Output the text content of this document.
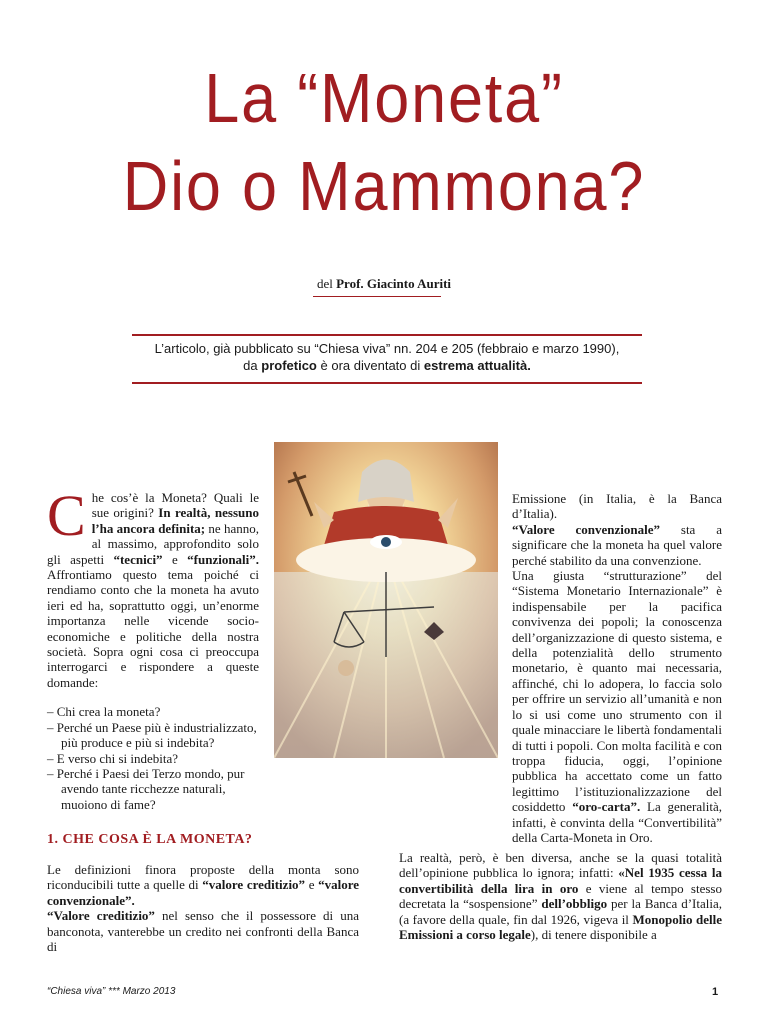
La “Moneta”
Dio o Mammona?
del Prof. Giacinto Auriti
L’articolo, già pubblicato su “Chiesa viva” nn. 204 e 205 (febbraio e marzo 1990),
da profetico è ora diventato di estrema attualità.

Che cos’è la Moneta? Quali le sue origini? In realtà, nessuno l’ha ancora definita; ne hanno, al massimo, approfondito solo gli aspetti “tecnici” e “funzionali”. Affrontiamo questo tema poiché ci rendiamo conto che la moneta ha avuto ieri ed ha, soprattutto oggi, un’enorme importanza nelle vicende socio-economiche e politiche della nostra società. Sopra ogni cosa ci preoccupa interrogarci e rispondere a queste domande:

– Chi crea la moneta?
– Perché un Paese più è industrializzato, più produce e più si indebita?
– E verso chi si indebita?
– Perché i Paesi dei Terzo mondo, pur avendo tante ricchezze naturali, muoiono di fame?
1. CHE COSA È LA MONETA?

Le definizioni finora proposte della monta sono riconducibili tutte a quelle di “valore creditizio” e “valore convenzionale”.

“Valore creditizio” nel senso che il possessore di una banconota, vanterebbe un credito nei confronti della Banca di

Emissione (in Italia, è la Banca d’Italia).

“Valore convenzionale” sta a significare che la moneta ha quel valore perché stabilito da una convenzione.

Una giusta “strutturazione” del “Sistema Monetario Internazionale” è indispensabile per la pacifica convivenza dei popoli; la conoscenza dell’organizzazione di questo sistema, e della potenzialità dello strumento monetario, è quanto mai necessaria, affinché, chi lo adopera, lo faccia solo per offrire un servizio all’umanità e non lo si usi come uno strumento con il quale minacciare le libertà fondamentali di tutti i popoli. Con molta facilità e con troppa fiducia, oggi, l’opinione pubblica ha accettato come un fatto legittimo l’istituzionalizzazione del cosiddetto “oro-carta”. La generalità, infatti, è convinta della “Convertibilità” della Carta-Moneta in Oro.

La realtà, però, è ben diversa, anche se la quasi totalità dell’opinione pubblica lo ignora; infatti: «Nel 1935 cessa la convertibilità della lira in oro e viene al tempo stesso decretata la “sospensione” dell’obbligo per la Banca d’Italia, (a favore della quale, fin dal 1926, vigeva il Monopolio delle Emissioni a corso legale), di tenere disponibile a

“Chiesa viva” *** Marzo 2013	1
